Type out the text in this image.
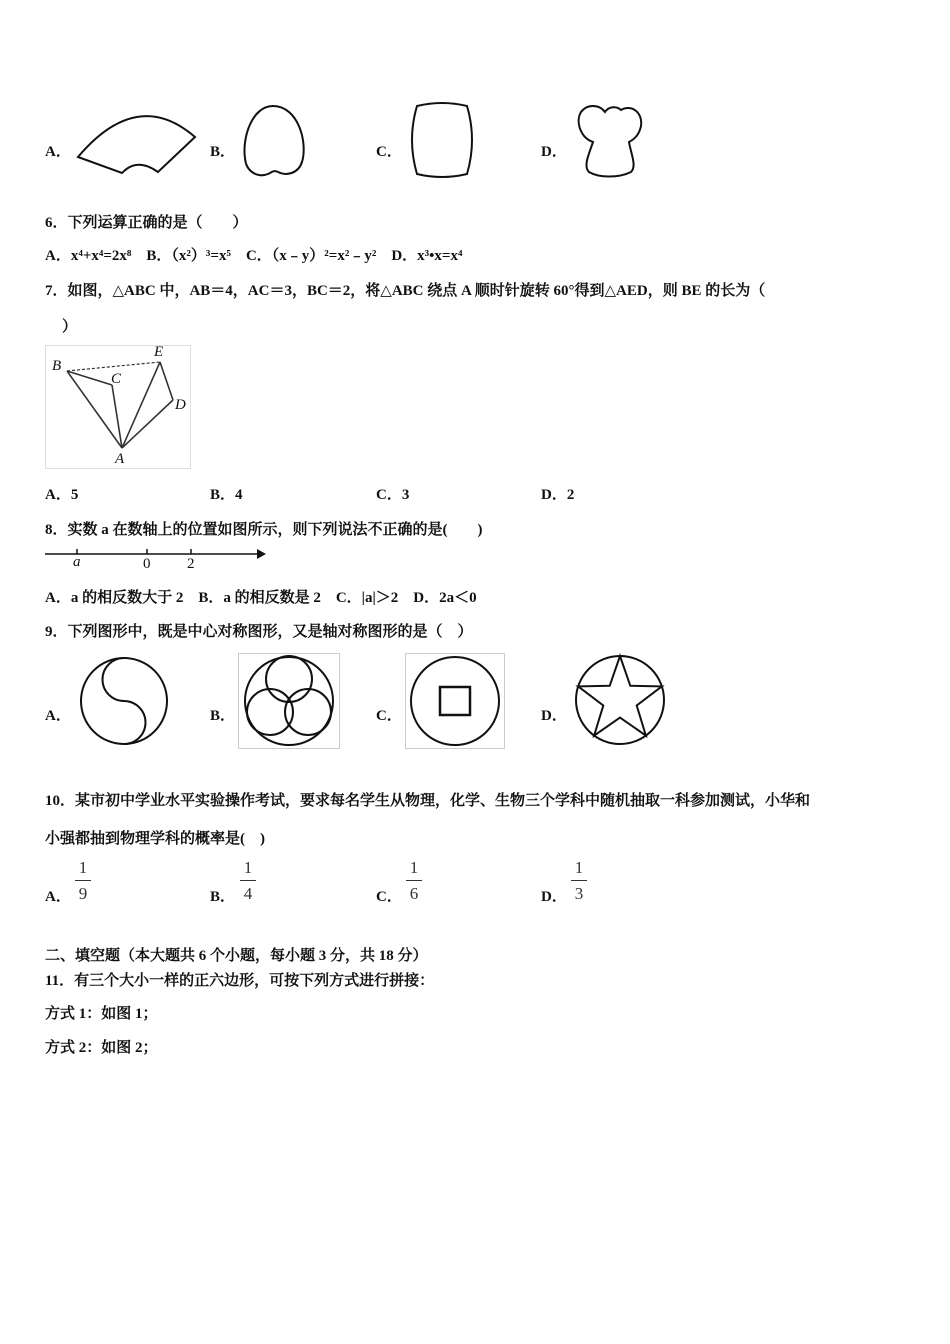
A．	B．	C．	D．
6．下列运算正确的是（　　）
A．x⁴+x⁴=2x⁸　B．（x²）³=x⁵　C．（x﹣y）²=x²﹣y²　D．x³•x=x⁴
7．如图，△ABC 中，AB＝4，AC＝3，BC＝2，将△ABC 绕点 A 顺时针旋转 60°得到△AED，则 BE 的长为（
）
B
C
E
D
A
A．5	B．4	C．3	D．2
8．实数 a 在数轴上的位置如图所示，则下列说法不正确的是(　　)
a	0 2
A．a 的相反数大于 2　B．a 的相反数是 2　C．|a|＞2　D．2a＜0
9．下列图形中，既是中心对称图形，又是轴对称图形的是（　）
A．	B．	C．	D．
10．某市初中学业水平实验操作考试，要求每名学生从物理，化学、生物三个学科中随机抽取一科参加测试，小华和
小强都抽到物理学科的概率是(　)
A．
1
9	B．
1
4	C．
1
6	D．
1
3
二、填空题（本大题共 6 个小题，每小题 3 分，共 18 分）
11．有三个大小一样的正六边形，可按下列方式进行拼接：
方式 1：如图 1；
方式 2：如图 2；
